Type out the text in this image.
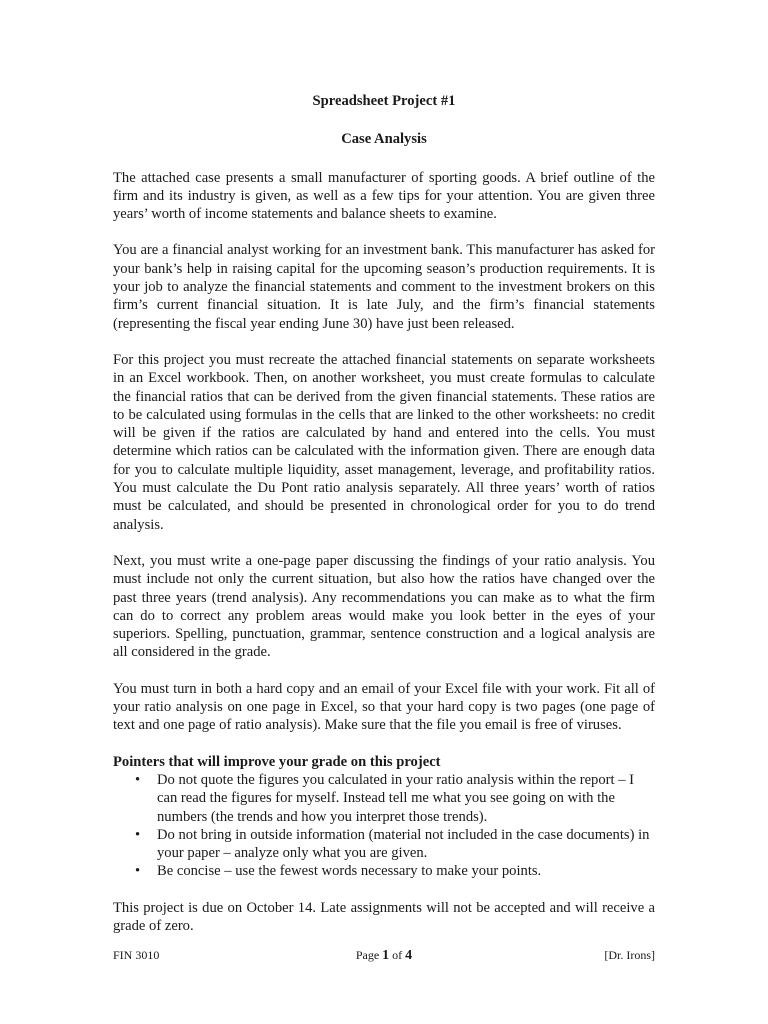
Spreadsheet Project #1

Case Analysis

The attached case presents a small manufacturer of sporting goods. A brief outline of the firm and its industry is given, as well as a few tips for your attention. You are given three years’ worth of income statements and balance sheets to examine.

You are a financial analyst working for an investment bank. This manufacturer has asked for your bank’s help in raising capital for the upcoming season’s production requirements. It is your job to analyze the financial statements and comment to the investment brokers on this firm’s current financial situation. It is late July, and the firm’s financial statements (representing the fiscal year ending June 30) have just been released.

For this project you must recreate the attached financial statements on separate worksheets in an Excel workbook. Then, on another worksheet, you must create formulas to calculate the financial ratios that can be derived from the given financial statements. These ratios are to be calculated using formulas in the cells that are linked to the other worksheets: no credit will be given if the ratios are calculated by hand and entered into the cells. You must determine which ratios can be calculated with the information given. There are enough data for you to calculate multiple liquidity, asset management, leverage, and profitability ratios. You must calculate the Du Pont ratio analysis separately. All three years’ worth of ratios must be calculated, and should be presented in chronological order for you to do trend analysis.

Next, you must write a one-page paper discussing the findings of your ratio analysis. You must include not only the current situation, but also how the ratios have changed over the past three years (trend analysis). Any recommendations you can make as to what the firm can do to correct any problem areas would make you look better in the eyes of your superiors. Spelling, punctuation, grammar, sentence construction and a logical analysis are all considered in the grade.

You must turn in both a hard copy and an email of your Excel file with your work. Fit all of your ratio analysis on one page in Excel, so that your hard copy is two pages (one page of text and one page of ratio analysis). Make sure that the file you email is free of viruses.

Pointers that will improve your grade on this project

• Do not quote the figures you calculated in your ratio analysis within the report – I can read the figures for myself. Instead tell me what you see going on with the numbers (the trends and how you interpret those trends).
• Do not bring in outside information (material not included in the case documents) in your paper – analyze only what you are given.
• Be concise – use the fewest words necessary to make your points.

This project is due on October 14. Late assignments will not be accepted and will receive a grade of zero.

FIN 3010	Page 1 of 4	[Dr. Irons]
